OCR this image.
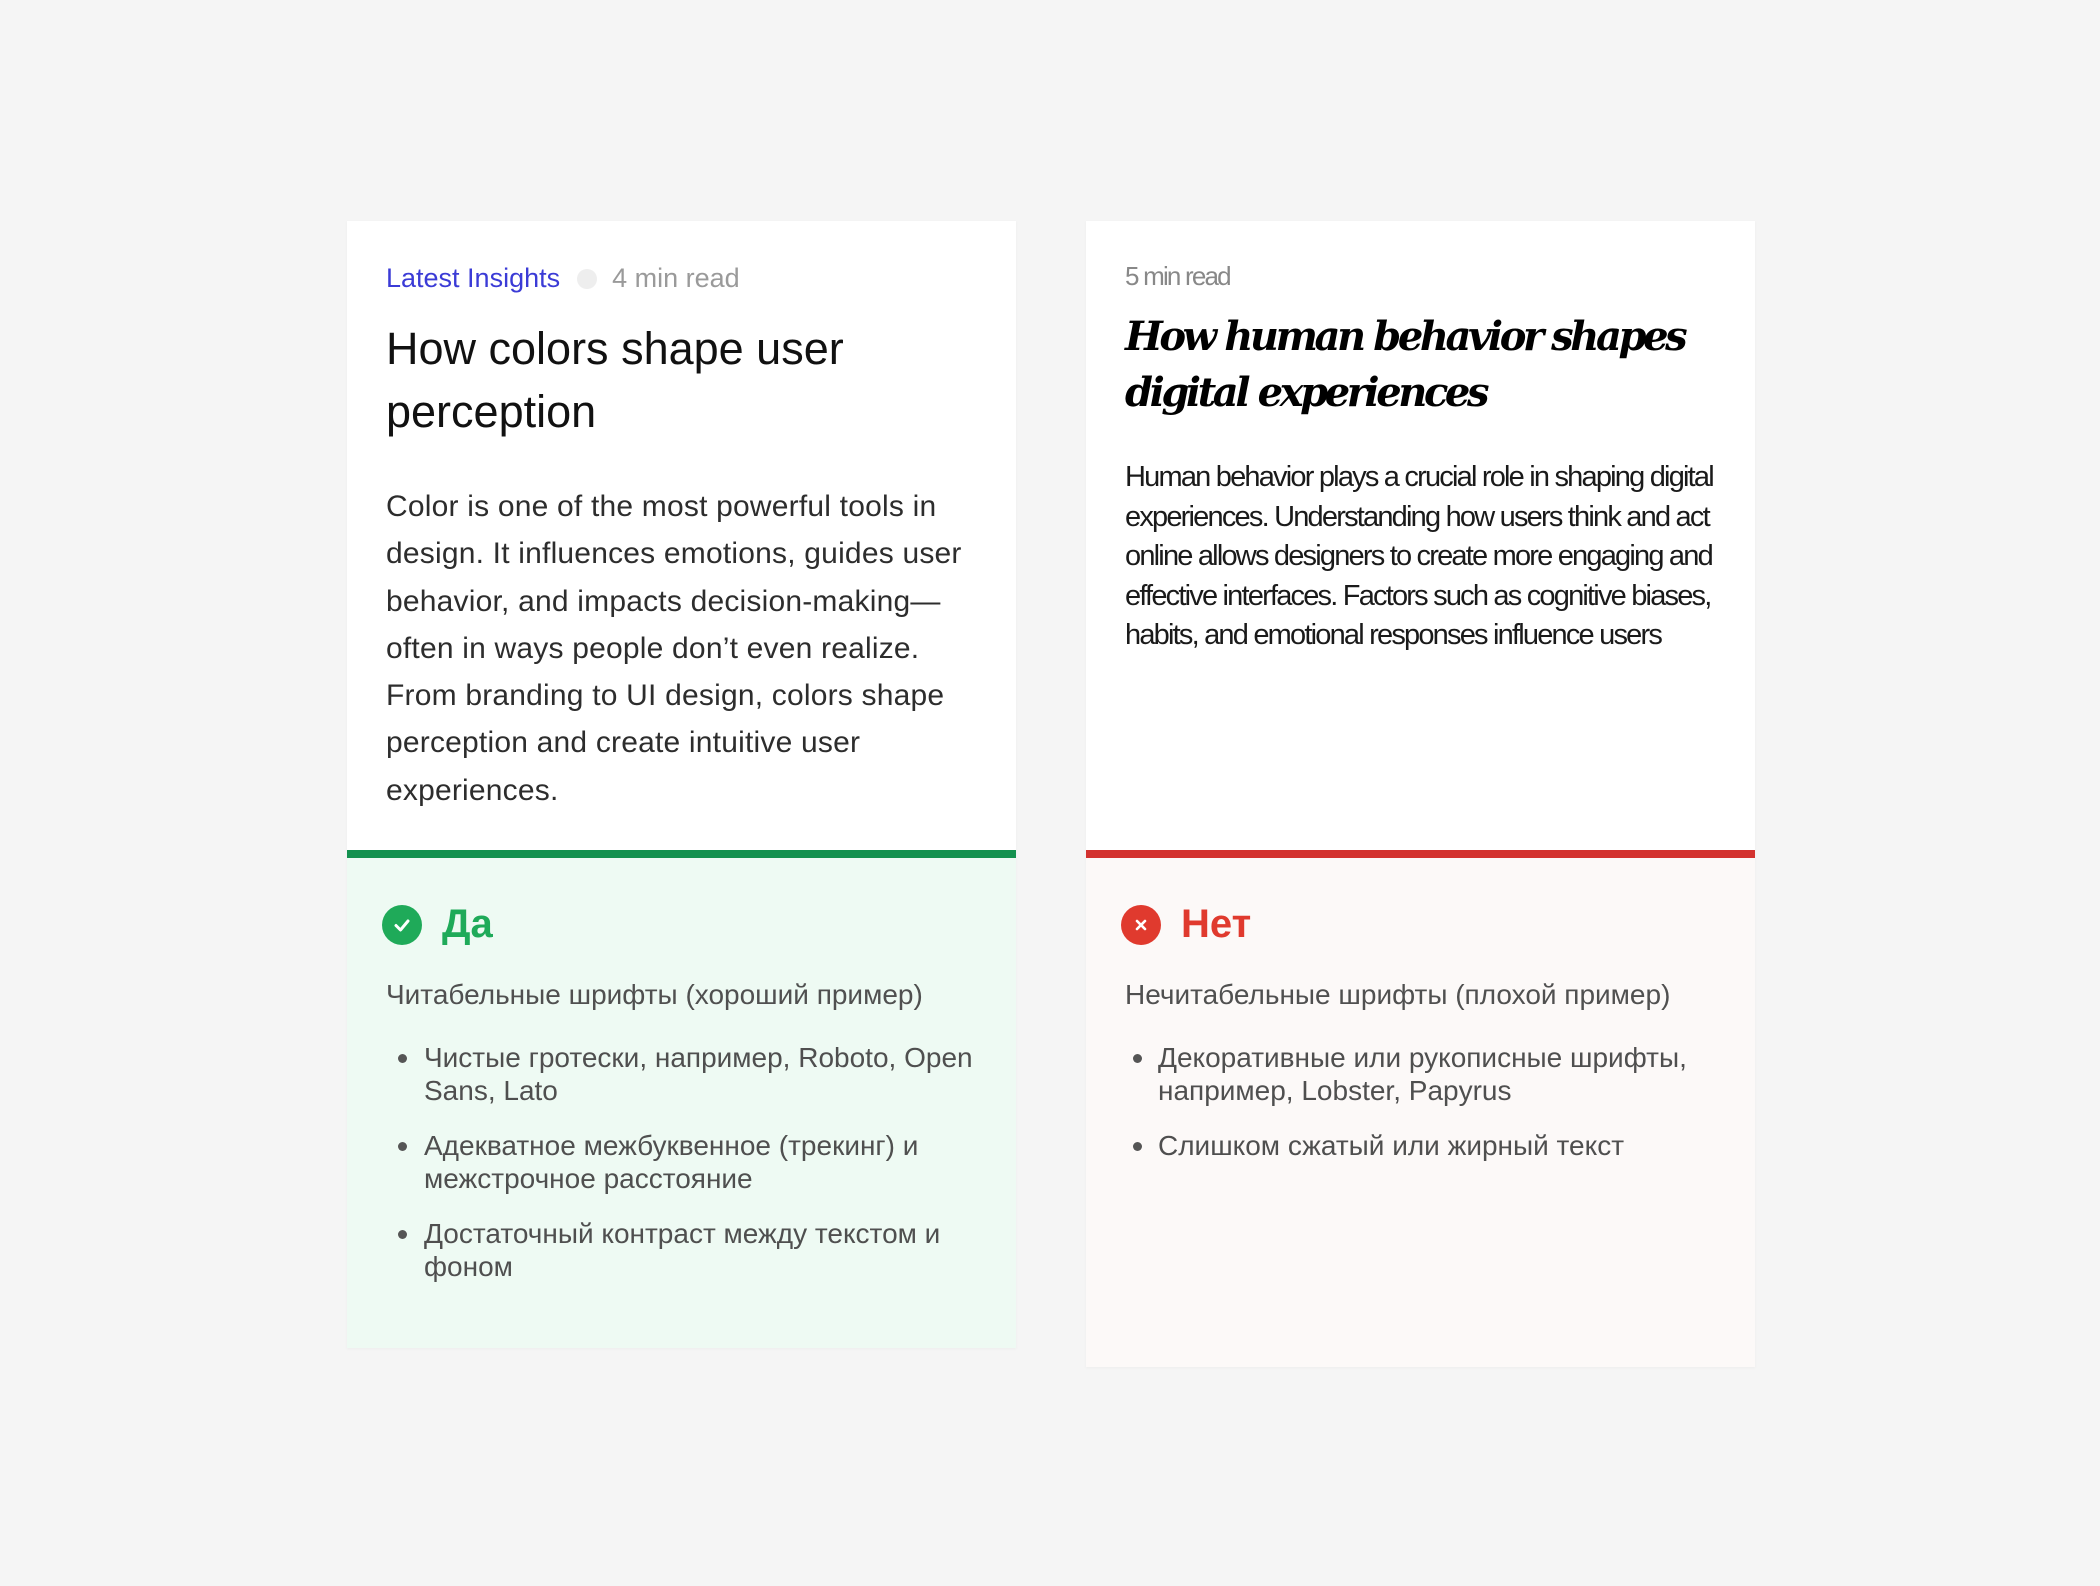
Latest Insights 4 min read
How colors shape user perception
Color is one of the most powerful tools in design. It influences emotions, guides user behavior, and impacts decision-making—often in ways people don’t even realize. From branding to UI design, colors shape perception and create intuitive user experiences.
Да
Читабельные шрифты (хороший пример)
Чистые гротески, например, Roboto, Open Sans, Lato
Адекватное межбуквенное (трекинг) и межстрочное расстояние
Достаточный контраст между текстом и фоном
5 min read
How human behavior shapes digital experiences
Human behavior plays a crucial role in shaping digital experiences. Understanding how users think and act online allows designers to create more engaging and effective interfaces. Factors such as cognitive biases, habits, and emotional responses influence users
Нет
Нечитабельные шрифты (плохой пример)
Декоративные или рукописные шрифты, например, Lobster, Papyrus
Слишком сжатый или жирный текст
